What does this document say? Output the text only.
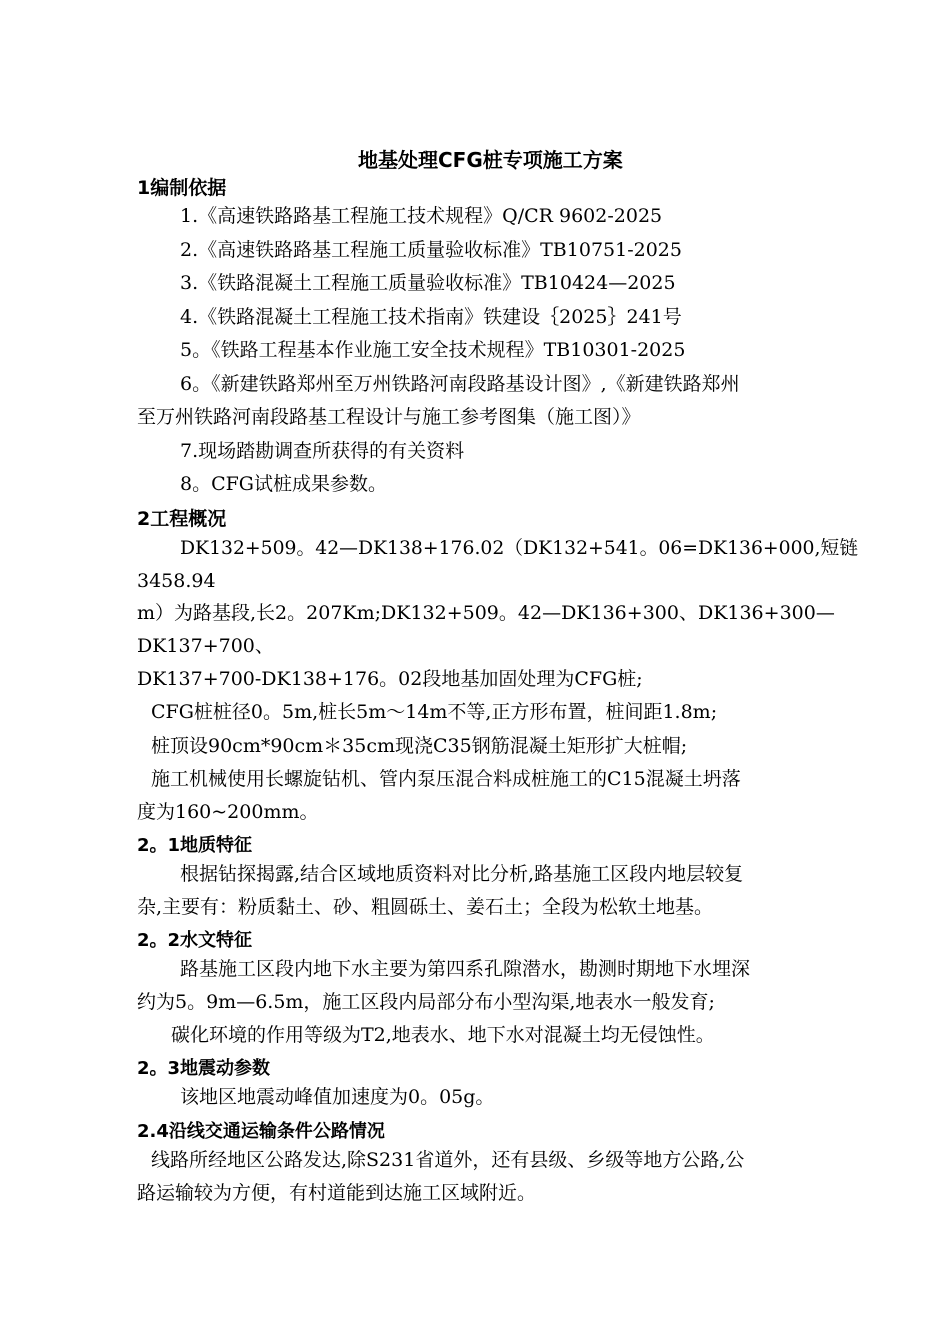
地基处理CFG桩专项施工方案
1编制依据
1.《高速铁路路基工程施工技术规程》Q/CR 9602-2025
2.《高速铁路路基工程施工质量验收标准》TB10751-2025
3.《铁路混凝土工程施工质量验收标准》TB10424—2025
4.《铁路混凝土工程施工技术指南》铁建设｛2025｝241号
5。《铁路工程基本作业施工安全技术规程》TB10301-2025
6。《新建铁路郑州至万州铁路河南段路基设计图》,《新建铁路郑州
至万州铁路河南段路基工程设计与施工参考图集（施工图）》
7.现场踏勘调查所获得的有关资料
8。CFG试桩成果参数。
2工程概况
DK132+509。42—DK138+176.02（DK132+541。06=DK136+000,短链
3458.94
m）为路基段,长2。207Km;DK132+509。42—DK136+300、DK136+300—
DK137+700、
DK137+700-DK138+176。02段地基加固处理为CFG桩;
CFG桩桩径0。5m,桩长5m～14m不等,正方形布置，桩间距1.8m;
桩顶设90cm*90cm＊35cm现浇C35钢筋混凝土矩形扩大桩帽;
施工机械使用长螺旋钻机、管内泵压混合料成桩施工的C15混凝土坍落
度为160~200mm。
2。1地质特征
根据钻探揭露,结合区域地质资料对比分析,路基施工区段内地层较复
杂,主要有：粉质黏土、砂、粗圆砾土、姜石土；全段为松软土地基。
2。2水文特征
路基施工区段内地下水主要为第四系孔隙潜水，勘测时期地下水埋深
约为5。9m—6.5m，施工区段内局部分布小型沟渠,地表水一般发育;
碳化环境的作用等级为T2,地表水、地下水对混凝土均无侵蚀性。
2。3地震动参数
该地区地震动峰值加速度为0。05g。
2.4沿线交通运输条件公路情况
线路所经地区公路发达,除S231省道外，还有县级、乡级等地方公路,公
路运输较为方便，有村道能到达施工区域附近。
